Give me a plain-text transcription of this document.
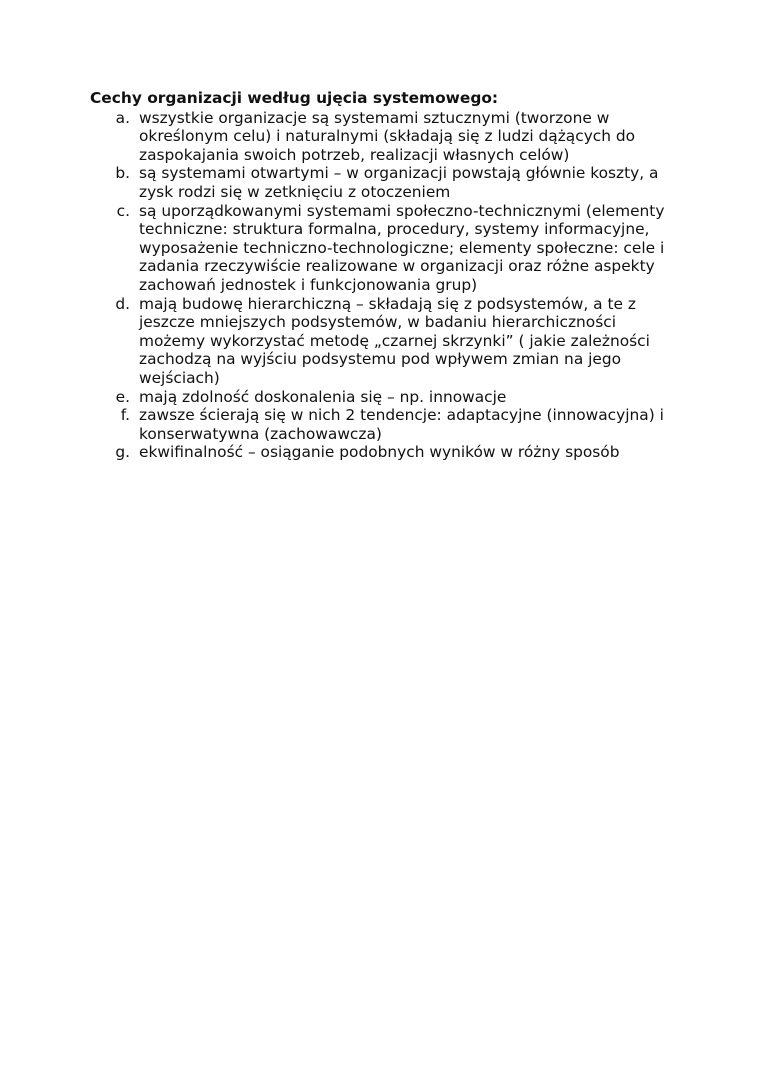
Cechy organizacji według ujęcia systemowego:
a. wszystkie organizacje są systemami sztucznymi (tworzone w
określonym celu) i naturalnymi (składają się z ludzi dążących do
zaspokajania swoich potrzeb, realizacji własnych celów)
b. są systemami otwartymi – w organizacji powstają głównie koszty, a
zysk rodzi się w zetknięciu z otoczeniem
c. są uporządkowanymi systemami społeczno-technicznymi (elementy
techniczne: struktura formalna, procedury, systemy informacyjne,
wyposażenie techniczno-technologiczne; elementy społeczne: cele i
zadania rzeczywiście realizowane w organizacji oraz różne aspekty
zachowań jednostek i funkcjonowania grup)
d. mają budowę hierarchiczną – składają się z podsystemów, a te z
jeszcze mniejszych podsystemów, w badaniu hierarchiczności
możemy wykorzystać metodę „czarnej skrzynki” ( jakie zależności
zachodzą na wyjściu podsystemu pod wpływem zmian na jego
wejściach)
e. mają zdolność doskonalenia się – np. innowacje
f. zawsze ścierają się w nich 2 tendencje: adaptacyjne (innowacyjna) i
konserwatywna (zachowawcza)
g. ekwifinalność – osiąganie podobnych wyników w różny sposób
